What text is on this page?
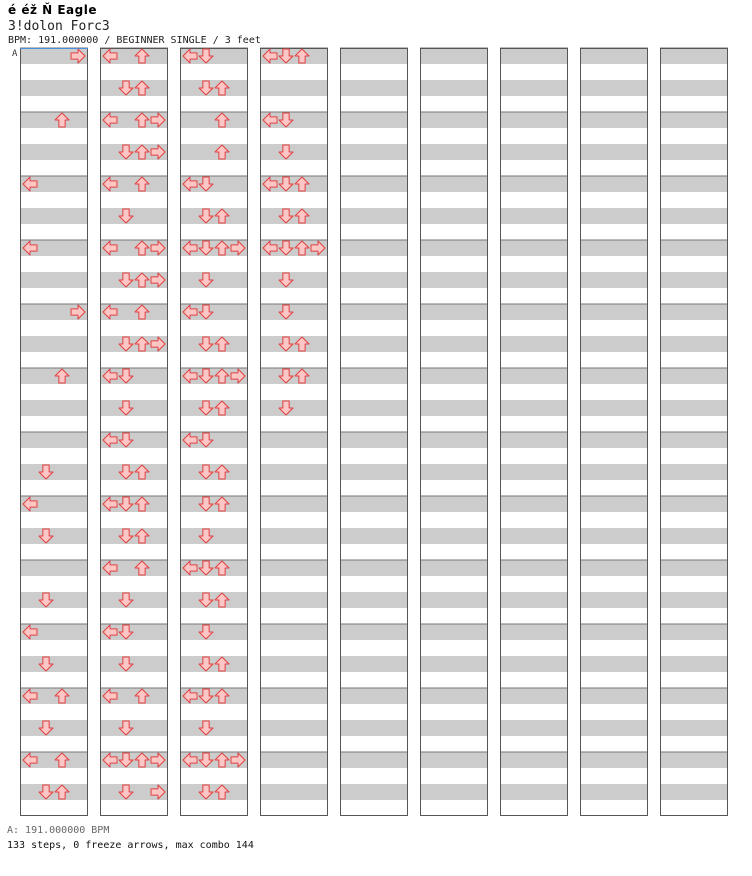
é éž Ň Eagle
3!dolon Forc3
BPM: 191.000000 / BEGINNER SINGLE / 3 feet
A
A: 191.000000 BPM
133 steps, 0 freeze arrows, max combo 144
